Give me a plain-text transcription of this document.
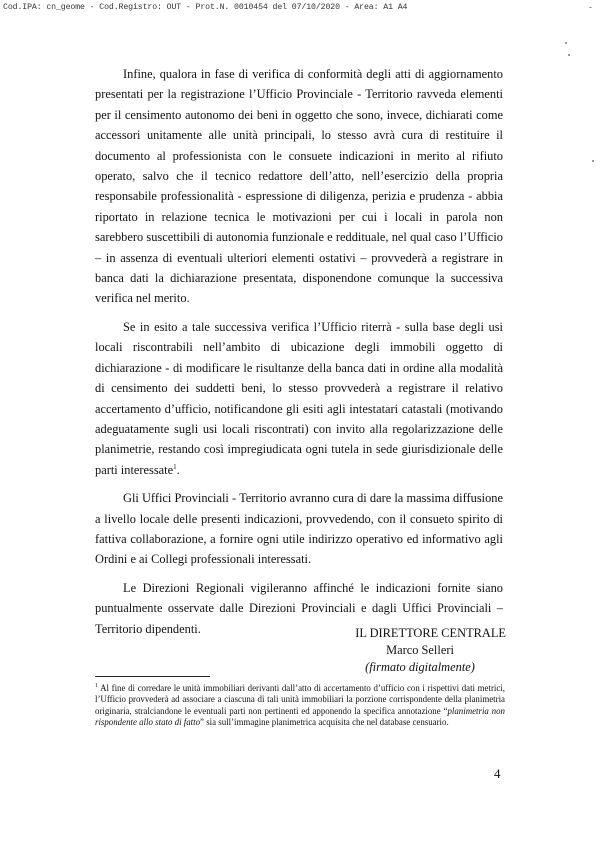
Cod.IPA: cn_geome - Cod.Registro: OUT - Prot.N. 0010454 del 07/10/2020 - Area: A1 A4	-

Infine, qualora in fase di verifica di conformità degli atti di aggiornamento presentati per la registrazione l’Ufficio Provinciale - Territorio ravveda elementi per il censimento autonomo dei beni in oggetto che sono, invece, dichiarati come accessori unitamente alle unità principali, lo stesso avrà cura di restituire il documento al professionista con le consuete indicazioni in merito al rifiuto operato, salvo che il tecnico redattore dell’atto, nell’esercizio della propria responsabile professionalità - espressione di diligenza, perizia e prudenza - abbia riportato in relazione tecnica le motivazioni per cui i locali in parola non sarebbero suscettibili di autonomia funzionale e reddituale, nel qual caso l’Ufficio – in assenza di eventuali ulteriori elementi ostativi – provvederà a registrare in banca dati la dichiarazione presentata, disponendone comunque la successiva verifica nel merito.

Se in esito a tale successiva verifica l’Ufficio riterrà - sulla base degli usi locali riscontrabili nell’ambito di ubicazione degli immobili oggetto di dichiarazione - di modificare le risultanze della banca dati in ordine alla modalità di censimento dei suddetti beni, lo stesso provvederà a registrare il relativo accertamento d’ufficio, notificandone gli esiti agli intestatari catastali (motivando adeguatamente sugli usi locali riscontrati) con invito alla regolarizzazione delle planimetrie, restando così impregiudicata ogni tutela in sede giurisdizionale delle parti interessate$^1$.

Gli Uffici Provinciali - Territorio avranno cura di dare la massima diffusione a livello locale delle presenti indicazioni, provvedendo, con il consueto spirito di fattiva collaborazione, a fornire ogni utile indirizzo operativo ed informativo agli Ordini e ai Collegi professionali interessati.

Le Direzioni Regionali vigileranno affinché le indicazioni fornite siano puntualmente osservate dalle Direzioni Provinciali e dagli Uffici Provinciali – Territorio dipendenti.	IL DIRETTORE CENTRALE
Marco Selleri
(firmato digitalmente)
$^1$ Al fine di corredare le unità immobiliari derivanti dall’atto di accertamento d’ufficio con i rispettivi dati metrici, l’Ufficio provvederà ad associare a ciascuna di tali unità immobiliari la porzione corrispondente della planimetria originaria, stralciandone le eventuali parti non pertinenti ed apponendo la specifica annotazione “planimetria non rispondente allo stato di fatto” sia sull’immagine planimetrica acquisita che nel database censuario.
4
